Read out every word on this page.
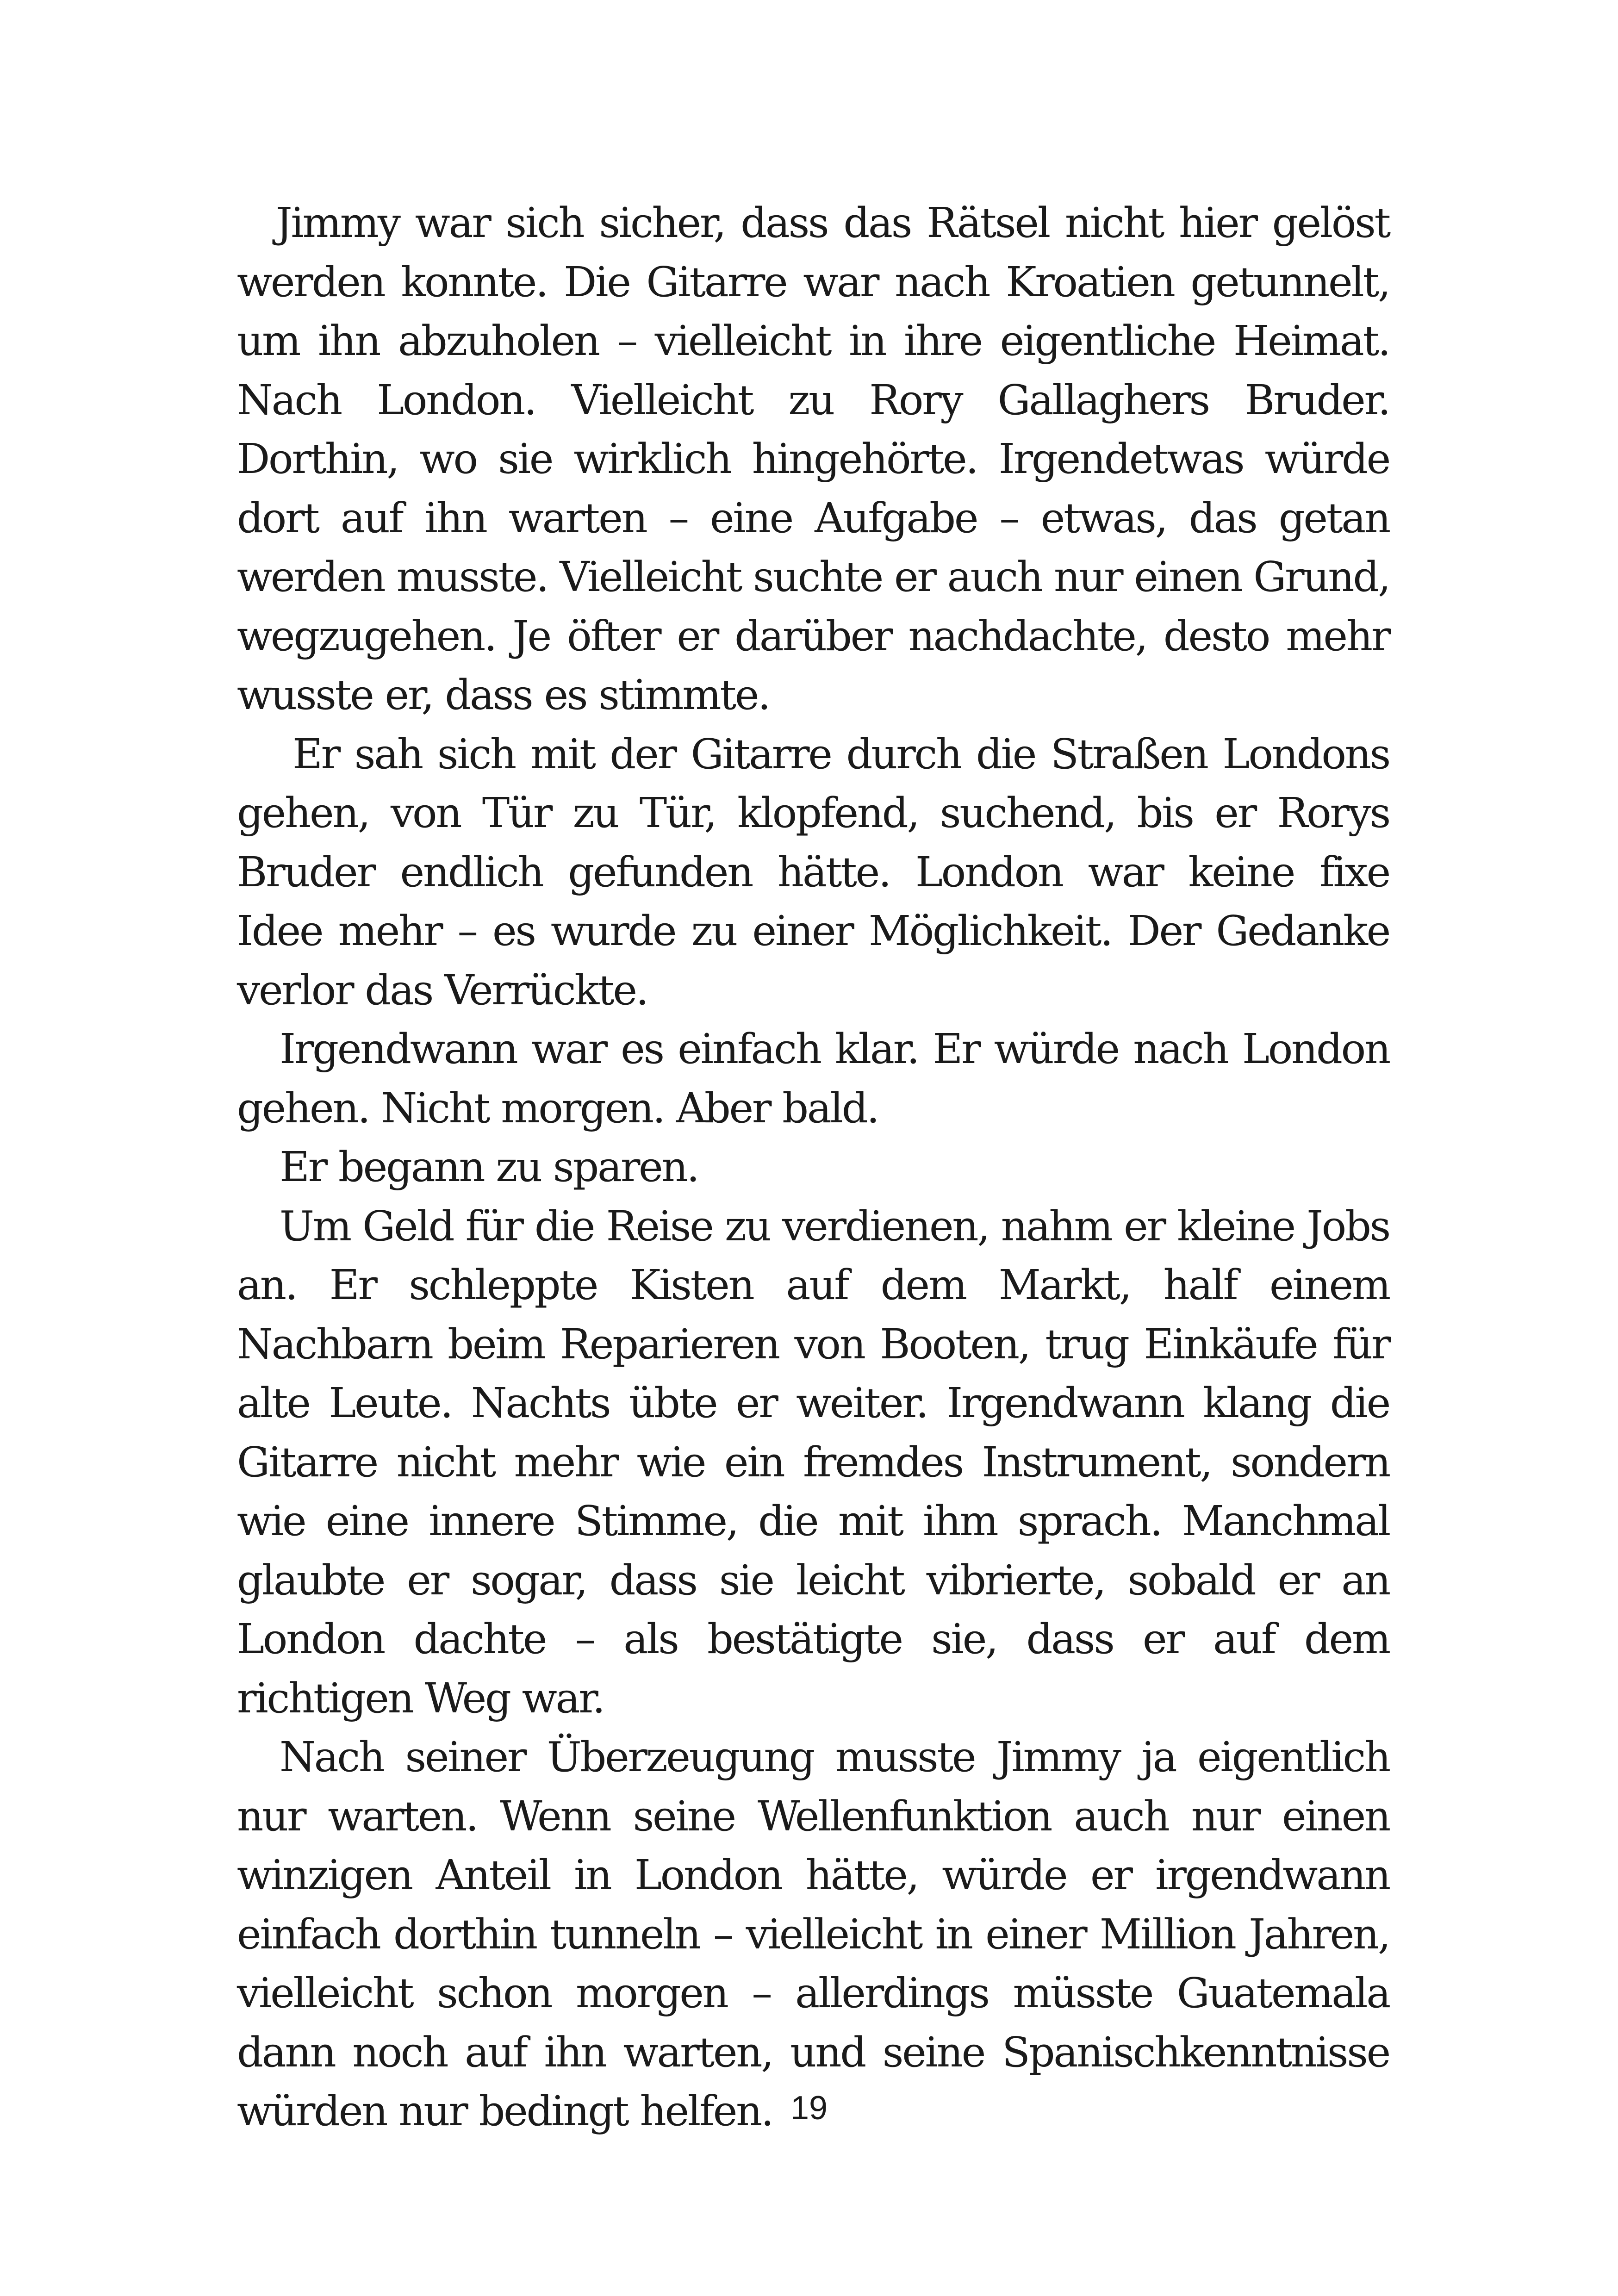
Jimmy war sich sicher, dass das Rätsel nicht hier gelöst werden konnte. Die Gitarre war nach Kroatien getunnelt, um ihn abzuholen – vielleicht in ihre eigentliche Heimat. Nach London. Vielleicht zu Rory Gallaghers Bruder. Dorthin, wo sie wirklich hingehörte. Irgendetwas würde dort auf ihn warten – eine Aufgabe – etwas, das getan werden musste. Vielleicht suchte er auch nur einen Grund, wegzugehen. Je öfter er darüber nachdachte, desto mehr wusste er, dass es stimmte.

Er sah sich mit der Gitarre durch die Straßen Londons gehen, von Tür zu Tür, klopfend, suchend, bis er Rorys Bruder endlich gefunden hätte. London war keine fixe Idee mehr – es wurde zu einer Möglichkeit. Der Gedanke verlor das Verrückte.

Irgendwann war es einfach klar. Er würde nach London gehen. Nicht morgen. Aber bald.

Er begann zu sparen.

Um Geld für die Reise zu verdienen, nahm er kleine Jobs an. Er schleppte Kisten auf dem Markt, half einem Nachbarn beim Reparieren von Booten, trug Einkäufe für alte Leute. Nachts übte er weiter. Irgendwann klang die Gitarre nicht mehr wie ein fremdes Instrument, sondern wie eine innere Stimme, die mit ihm sprach. Manchmal glaubte er sogar, dass sie leicht vibrierte, sobald er an London dachte – als bestätigte sie, dass er auf dem richtigen Weg war.

Nach seiner Überzeugung musste Jimmy ja eigentlich nur warten. Wenn seine Wellenfunktion auch nur einen winzigen Anteil in London hätte, würde er irgendwann einfach dorthin tunneln – vielleicht in einer Million Jahren, vielleicht schon morgen – allerdings müsste Guatemala dann noch auf ihn warten, und seine Spanischkenntnisse würden nur bedingt helfen. 19
